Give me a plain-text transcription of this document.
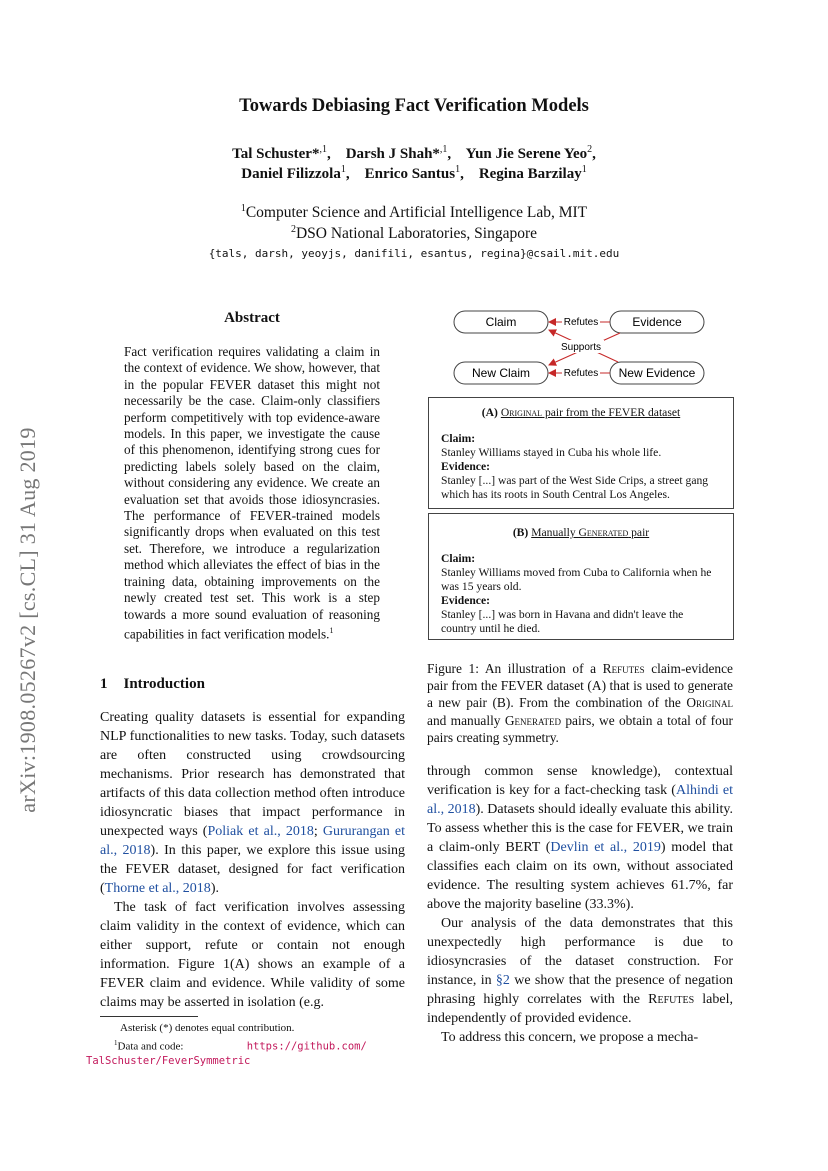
Towards Debiasing Fact Verification Models
Tal Schuster*$^{,1}$,    Darsh J Shah*$^{,1}$,    Yun Jie Serene Yeo$^2$,
Daniel Filizzola$^1$,    Enrico Santus$^1$,    Regina Barzilay$^1$
$^1$Computer Science and Artificial Intelligence Lab, MIT
$^2$DSO National Laboratories, Singapore
{tals, darsh, yeoyjs, danifili, esantus, regina}@csail.mit.edu
arXiv:1908.05267v2 [cs.CL] 31 Aug 2019
Abstract
Fact verification requires validating a claim in the context of evidence. We show, however, that in the popular FEVER dataset this might not necessarily be the case. Claim-only classifiers perform competitively with top evidence-aware models. In this paper, we investigate the cause of this phenomenon, identifying strong cues for predicting labels solely based on the claim, without considering any evidence. We create an evaluation set that avoids those idiosyncrasies. The performance of FEVER-trained models significantly drops when evaluated on this test set. Therefore, we introduce a regularization method which alleviates the effect of bias in the training data, obtaining improvements on the newly created test set. This work is a step towards a more sound evaluation of reasoning capabilities in fact verification models.$^1$
1 Introduction

Creating quality datasets is essential for expanding NLP functionalities to new tasks. Today, such datasets are often constructed using crowdsourcing mechanisms. Prior research has demonstrated that artifacts of this data collection method often introduce idiosyncratic biases that impact performance in unexpected ways (Poliak et al., 2018; Gururangan et al., 2018). In this paper, we explore this issue using the FEVER dataset, designed for fact verification (Thorne et al., 2018).

The task of fact verification involves assessing claim validity in the context of evidence, which can either support, refute or contain not enough information. Figure 1(A) shows an example of a FEVER claim and evidence. While validity of some claims may be asserted in isolation (e.g.

Asterisk (*) denotes equal contribution.
$^1$Data and code:	https://github.com/
TalSchuster/FeverSymmetric
Claim	Evidence
New Claim	New Evidence
Refutes
Refutes
Supports
(A) Original pair from the FEVER dataset
Claim:
Stanley Williams stayed in Cuba his whole life.
Evidence:
Stanley [...] was part of the West Side Crips, a street gang which has its roots in South Central Los Angeles.
(B) Manually Generated pair
Claim:
Stanley Williams moved from Cuba to California when he was 15 years old.
Evidence:
Stanley [...] was born in Havana and didn't leave the country until he died.
Figure 1: An illustration of a Refutes claim-evidence pair from the FEVER dataset (A) that is used to generate a new pair (B). From the combination of the Original and manually Generated pairs, we obtain a total of four pairs creating symmetry.

through common sense knowledge), contextual verification is key for a fact-checking task (Alhindi et al., 2018). Datasets should ideally evaluate this ability. To assess whether this is the case for FEVER, we train a claim-only BERT (Devlin et al., 2019) model that classifies each claim on its own, without associated evidence. The resulting system achieves 61.7%, far above the majority baseline (33.3%).

Our analysis of the data demonstrates that this unexpectedly high performance is due to idiosyncrasies of the dataset construction. For instance, in §2 we show that the presence of negation phrasing highly correlates with the Refutes label, independently of provided evidence.

To address this concern, we propose a mecha-
